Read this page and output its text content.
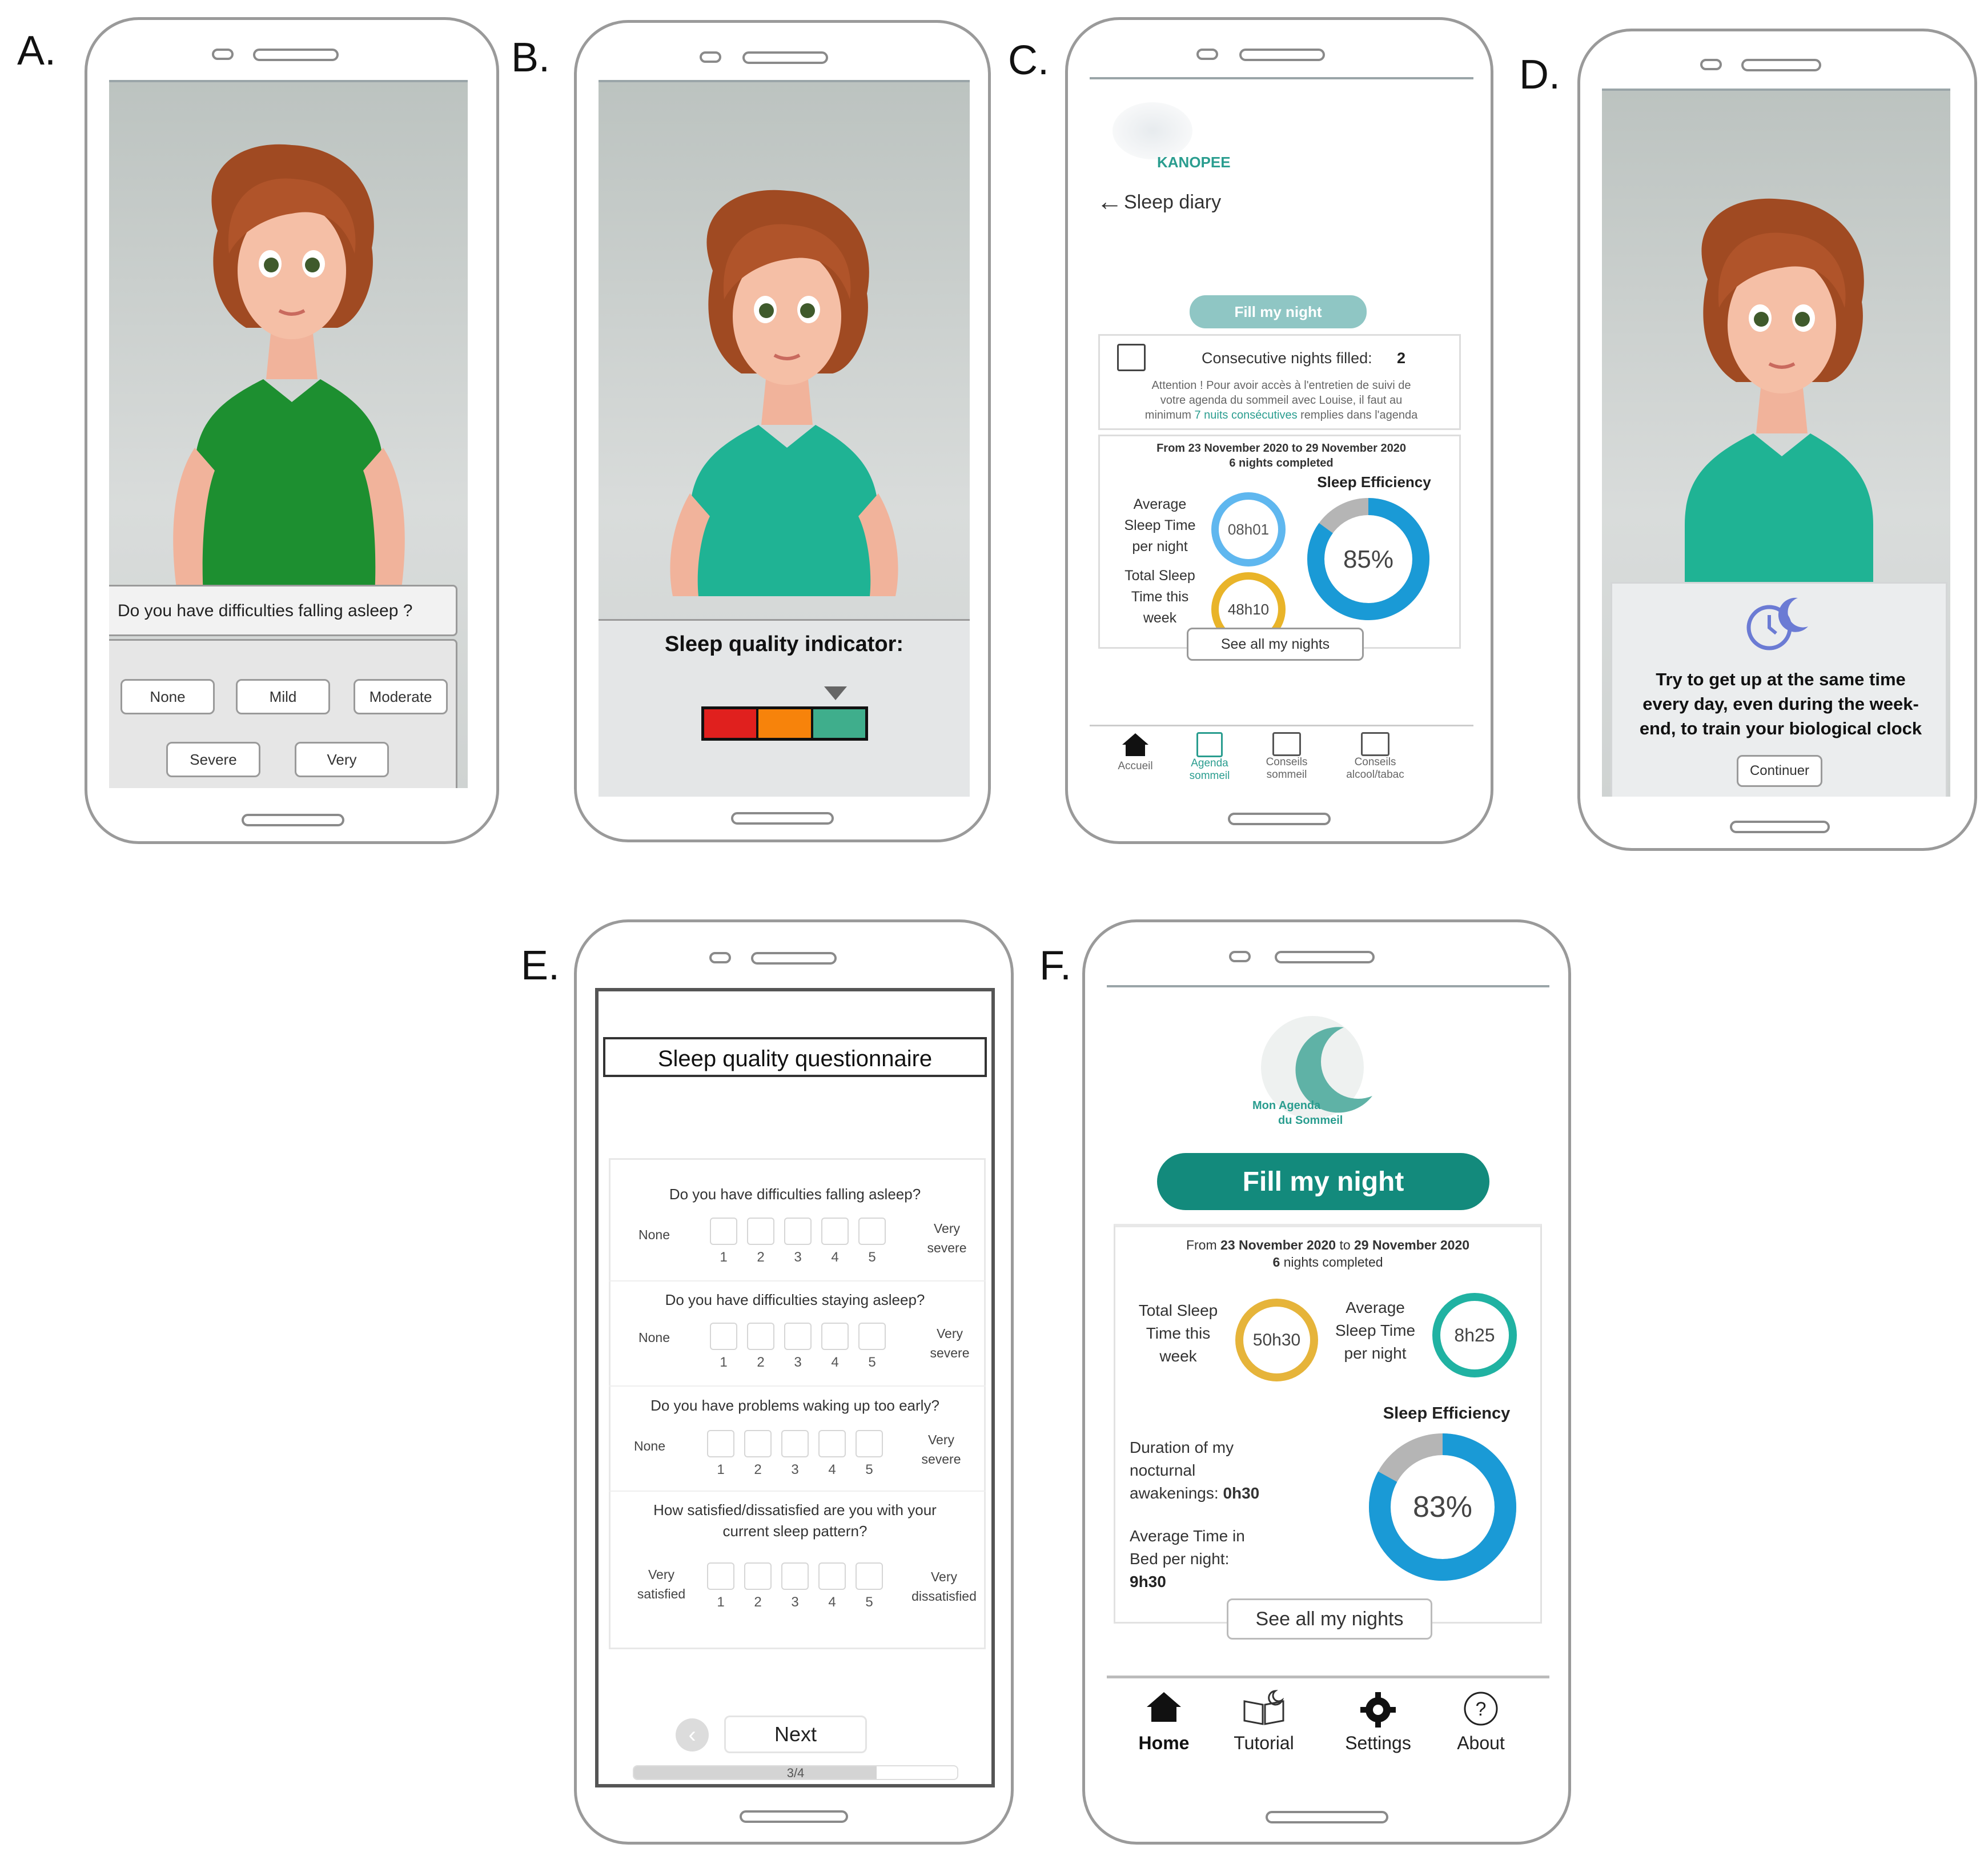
A.	B.	C.	D.
E.	F.
Do you have difficulties falling asleep ?
None	Mild	Moderate
Severe	Very
Sleep quality indicator:
KANOPEE
← Sleep diary
Fill my night
Consecutive nights filled: 2
Attention ! Pour avoir accès à l'entretien de suivi de
votre agenda du sommeil avec Louise, il faut au
minimum 7 nuits consécutives remplies dans l'agenda
From 23 November 2020 to 29 November 2020
6 nights completed
Average
Sleep Time
per night
08h01
Total Sleep
Time this
week
48h10
Sleep Efficiency
85%
See all my nights
Accueil	Agenda
sommeil
Conseils
sommeil
Conseils
alcool/tabac
Try to get up at the same time
every day, even during the week-
end, to train your biological clock
Continuer
Sleep quality questionnaire
Do you have difficulties falling asleep?
None	Very
severe
1	2	3	4	5
Do you have difficulties staying asleep?
None	Very
severe
1	2	3	4	5
Do you have problems waking up too early?
None	Very
severe
1	2	3	4	5
How satisfied/dissatisfied are you with your
current sleep pattern?
Very
satisfied
Very
dissatisfied
1	2	3	4	5
‹	Next
3/4
Mon Agenda
du Sommeil
Fill my night
From 23 November 2020 to 29 November 2020
6 nights completed
Total Sleep
Time this
week
50h30
Average
Sleep Time
per night
8h25
Sleep Efficiency
Duration of my
nocturnal
awakenings: 0h30
Average Time in
Bed per night:
9h30
83%
See all my nights
Home	Tutorial	Settings
?
About
